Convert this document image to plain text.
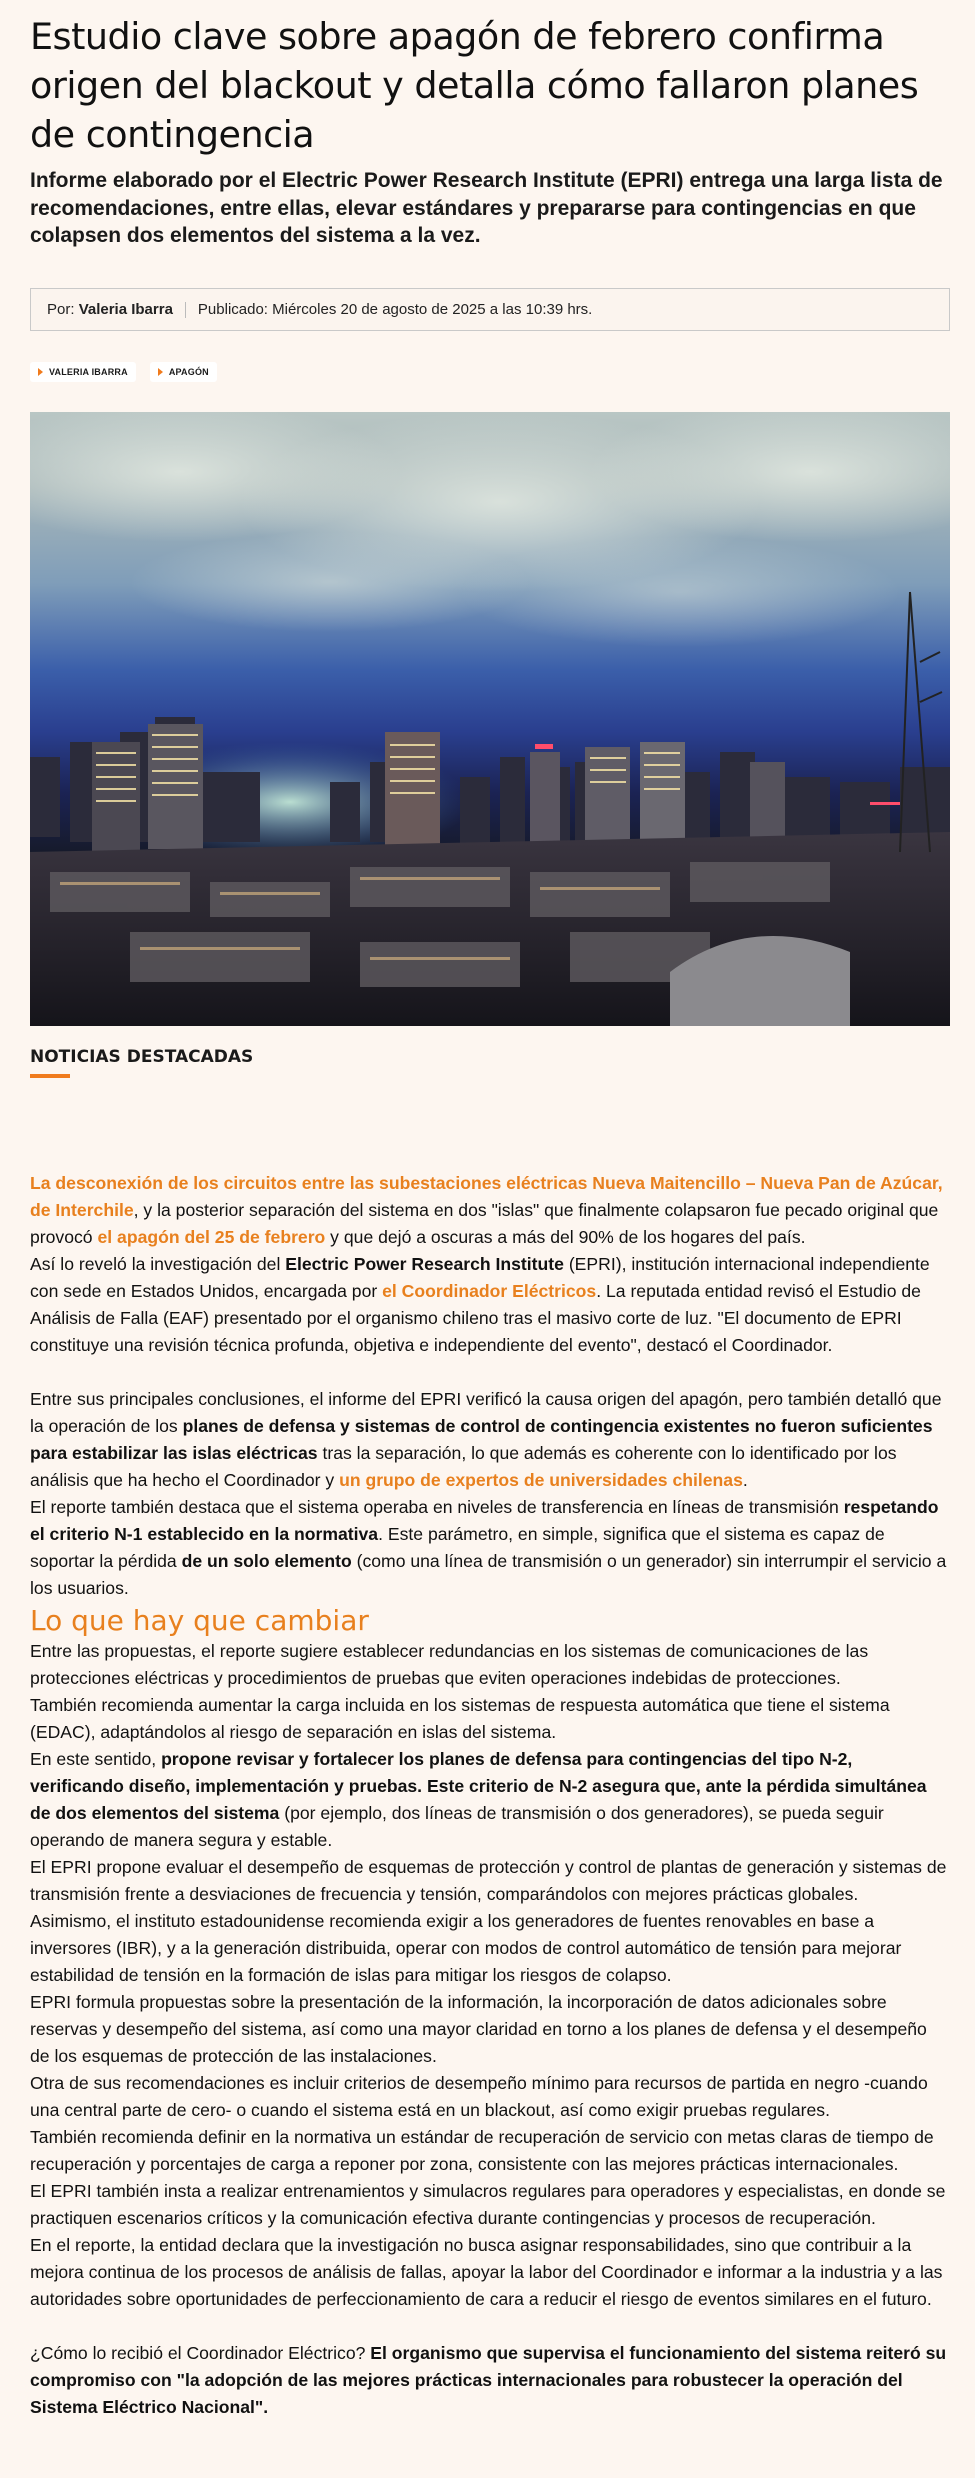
Estudio clave sobre apagón de febrero confirma origen del blackout y detalla cómo fallaron planes de contingencia

Informe elaborado por el Electric Power Research Institute (EPRI) entrega una larga lista de recomendaciones, entre ellas, elevar estándares y prepararse para contingencias en que colapsen dos elementos del sistema a la vez.

Por:
Valeria Ibarra Publicado: Miércoles 20 de agosto de 2025 a las 10:39 hrs.
VALERIA IBARRA	APAGÓN
NOTICIAS DESTACADAS

La desconexión de los circuitos entre las subestaciones eléctricas Nueva Maitencillo – Nueva Pan de Azúcar, de Interchile, y la posterior separación del sistema en dos "islas" que finalmente colapsaron fue pecado original que provocó el apagón del 25 de febrero y que dejó a oscuras a más del 90% de los hogares del país.

Así lo reveló la investigación del Electric Power Research Institute (EPRI), institución internacional independiente con sede en Estados Unidos, encargada por el Coordinador Eléctricos. La reputada entidad revisó el Estudio de Análisis de Falla (EAF) presentado por el organismo chileno tras el masivo corte de luz. "El documento de EPRI constituye una revisión técnica profunda, objetiva e independiente del evento", destacó el Coordinador.

Entre sus principales conclusiones, el informe del EPRI verificó la causa origen del apagón, pero también detalló que la operación de los planes de defensa y sistemas de control de contingencia existentes no fueron suficientes para estabilizar las islas eléctricas tras la separación, lo que además es coherente con lo identificado por los análisis que ha hecho el Coordinador y un grupo de expertos de universidades chilenas.

El reporte también destaca que el sistema operaba en niveles de transferencia en líneas de transmisión respetando el criterio N-1 establecido en la normativa. Este parámetro, en simple, significa que el sistema es capaz de soportar la pérdida de un solo elemento (como una línea de transmisión o un generador) sin interrumpir el servicio a los usuarios.

Lo que hay que cambiar

Entre las propuestas, el reporte sugiere establecer redundancias en los sistemas de comunicaciones de las protecciones eléctricas y procedimientos de pruebas que eviten operaciones indebidas de protecciones.

También recomienda aumentar la carga incluida en los sistemas de respuesta automática que tiene el sistema (EDAC), adaptándolos al riesgo de separación en islas del sistema.

En este sentido, propone revisar y fortalecer los planes de defensa para contingencias del tipo N-2, verificando diseño, implementación y pruebas. Este criterio de N-2 asegura que, ante la pérdida simultánea de dos elementos del sistema (por ejemplo, dos líneas de transmisión o dos generadores), se pueda seguir operando de manera segura y estable.

El EPRI propone evaluar el desempeño de esquemas de protección y control de plantas de generación y sistemas de transmisión frente a desviaciones de frecuencia y tensión, comparándolos con mejores prácticas globales.

Asimismo, el instituto estadounidense recomienda exigir a los generadores de fuentes renovables en base a inversores (IBR), y a la generación distribuida, operar con modos de control automático de tensión para mejorar estabilidad de tensión en la formación de islas para mitigar los riesgos de colapso.

EPRI formula propuestas sobre la presentación de la información, la incorporación de datos adicionales sobre reservas y desempeño del sistema, así como una mayor claridad en torno a los planes de defensa y el desempeño de los esquemas de protección de las instalaciones.

Otra de sus recomendaciones es incluir criterios de desempeño mínimo para recursos de partida en negro -cuando una central parte de cero- o cuando el sistema está en un blackout, así como exigir pruebas regulares.

También recomienda definir en la normativa un estándar de recuperación de servicio con metas claras de tiempo de recuperación y porcentajes de carga a reponer por zona, consistente con las mejores prácticas internacionales.

El EPRI también insta a realizar entrenamientos y simulacros regulares para operadores y especialistas, en donde se practiquen escenarios críticos y la comunicación efectiva durante contingencias y procesos de recuperación.

En el reporte, la entidad declara que la investigación no busca asignar responsabilidades, sino que contribuir a la mejora continua de los procesos de análisis de fallas, apoyar la labor del Coordinador e informar a la industria y a las autoridades sobre oportunidades de perfeccionamiento de cara a reducir el riesgo de eventos similares en el futuro.

¿Cómo lo recibió el Coordinador Eléctrico? El organismo que supervisa el funcionamiento del sistema reiteró su compromiso con "la adopción de las mejores prácticas internacionales para robustecer la operación del Sistema Eléctrico Nacional".
